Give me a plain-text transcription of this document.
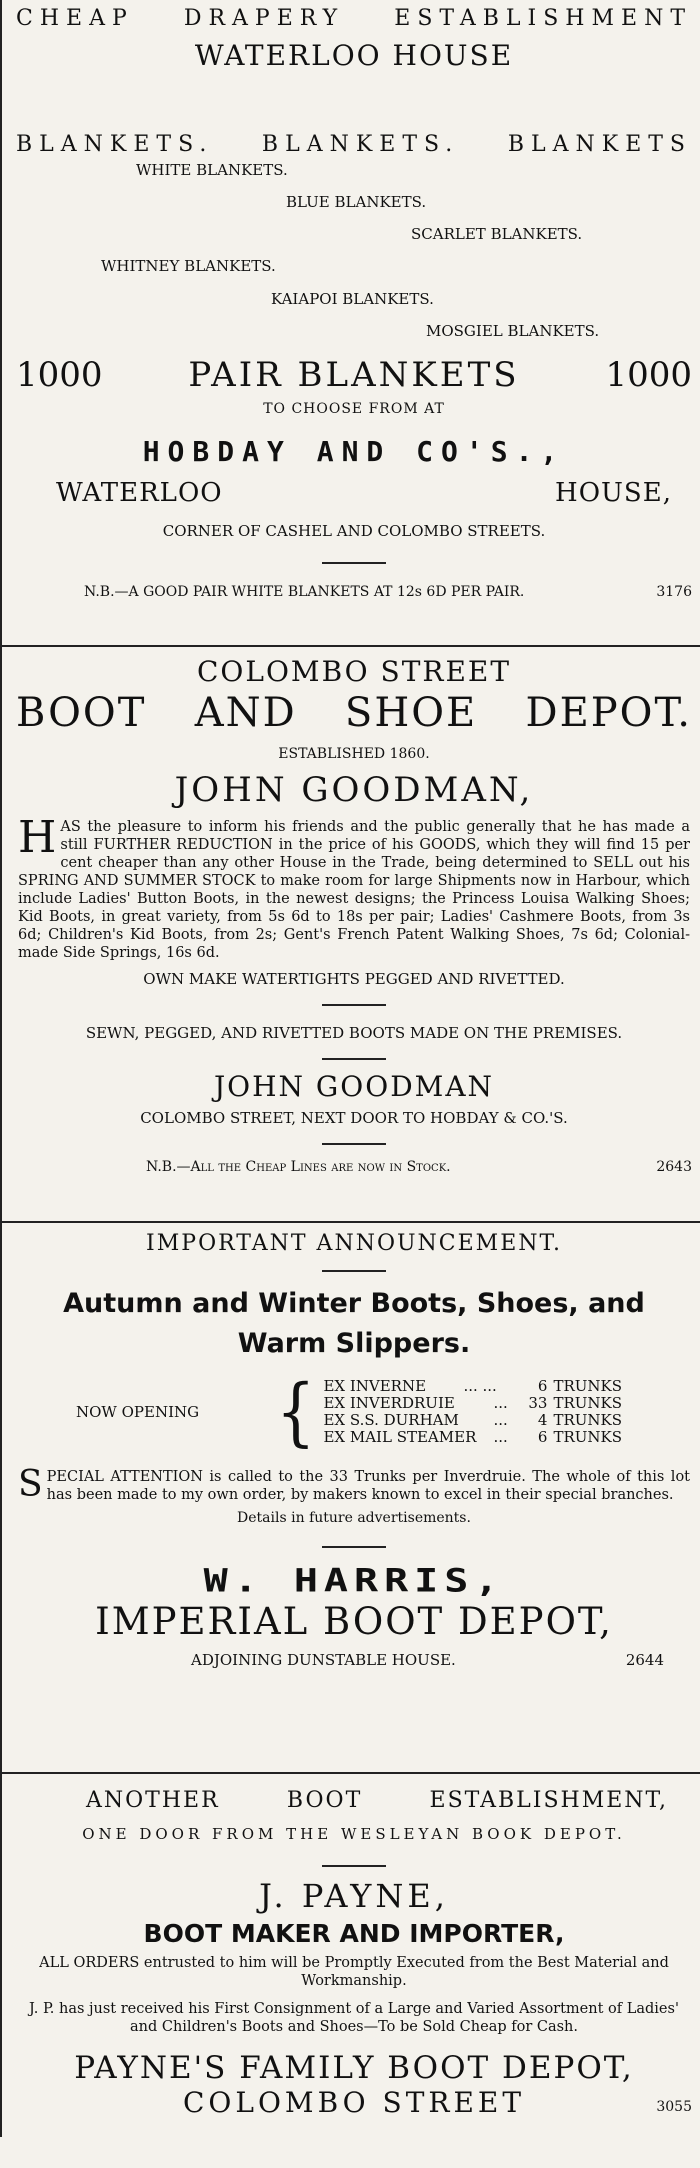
CHEAP DRAPERY ESTABLISHMENT
WATERLOO HOUSE
BLANKETS. BLANKETS. BLANKETS
WHITE BLANKETS.
BLUE BLANKETS.
SCARLET BLANKETS.
WHITNEY BLANKETS.
KAIAPOI BLANKETS.
MOSGIEL BLANKETS.
1000	PAIR BLANKETS	1000
TO CHOOSE FROM AT
HOBDAY AND CO'S.,
WATERLOO HOUSE,
CORNER OF CASHEL AND COLOMBO STREETS.
N.B.—A GOOD PAIR WHITE BLANKETS AT 12s 6D PER PAIR.	3176
COLOMBO STREET
BOOT AND SHOE DEPOT.
ESTABLISHED 1860.
JOHN GOODMAN,
H AS the pleasure to inform his friends and the public generally that he has made a still FURTHER REDUCTION in the price of his GOODS, which they will find 15 per cent cheaper than any other House in the Trade, being determined to SELL out his SPRING AND SUMMER STOCK to make room for large Shipments now in Harbour, which include Ladies' Button Boots, in the newest designs; the Princess Louisa Walking Shoes; Kid Boots, in great variety, from 5s 6d to 18s per pair; Ladies' Cashmere Boots, from 3s 6d; Children's Kid Boots, from 2s; Gent's French Patent Walking Shoes, 7s 6d; Colonial-made Side Springs, 16s 6d.
OWN MAKE WATERTIGHTS PEGGED AND RIVETTED.
SEWN, PEGGED, AND RIVETTED BOOTS MADE ON THE PREMISES.
JOHN GOODMAN
COLOMBO STREET, NEXT DOOR TO HOBDAY & CO.'S.
N.B.—All the Cheap Lines are now in Stock.	2643
IMPORTANT ANNOUNCEMENT.
Autumn and Winter Boots, Shoes, and Warm Slippers.
NOW OPENING	{ EX INVERNE	... ...	6 TRUNKS
EX INVERDRUIE	...	33 TRUNKS
EX S.S. DURHAM	...	4 TRUNKS
EX MAIL STEAMER	...	6 TRUNKS
S PECIAL ATTENTION is called to the 33 Trunks per Inverdruie. The whole of this lot has been made to my own order, by makers known to excel in their special branches.
Details in future advertisements.
W. HARRIS,
IMPERIAL BOOT DEPOT,
ADJOINING DUNSTABLE HOUSE.	2644
ANOTHER BOOT ESTABLISHMENT,
ONE DOOR FROM THE WESLEYAN BOOK DEPOT.
J. PAYNE,
BOOT MAKER AND IMPORTER,
ALL ORDERS entrusted to him will be Promptly Executed from the Best Material and Workmanship.
J. P. has just received his First Consignment of a Large and Varied Assortment of Ladies' and Children's Boots and Shoes—To be Sold Cheap for Cash.
PAYNE'S FAMILY BOOT DEPOT,
COLOMBO STREET	3055
